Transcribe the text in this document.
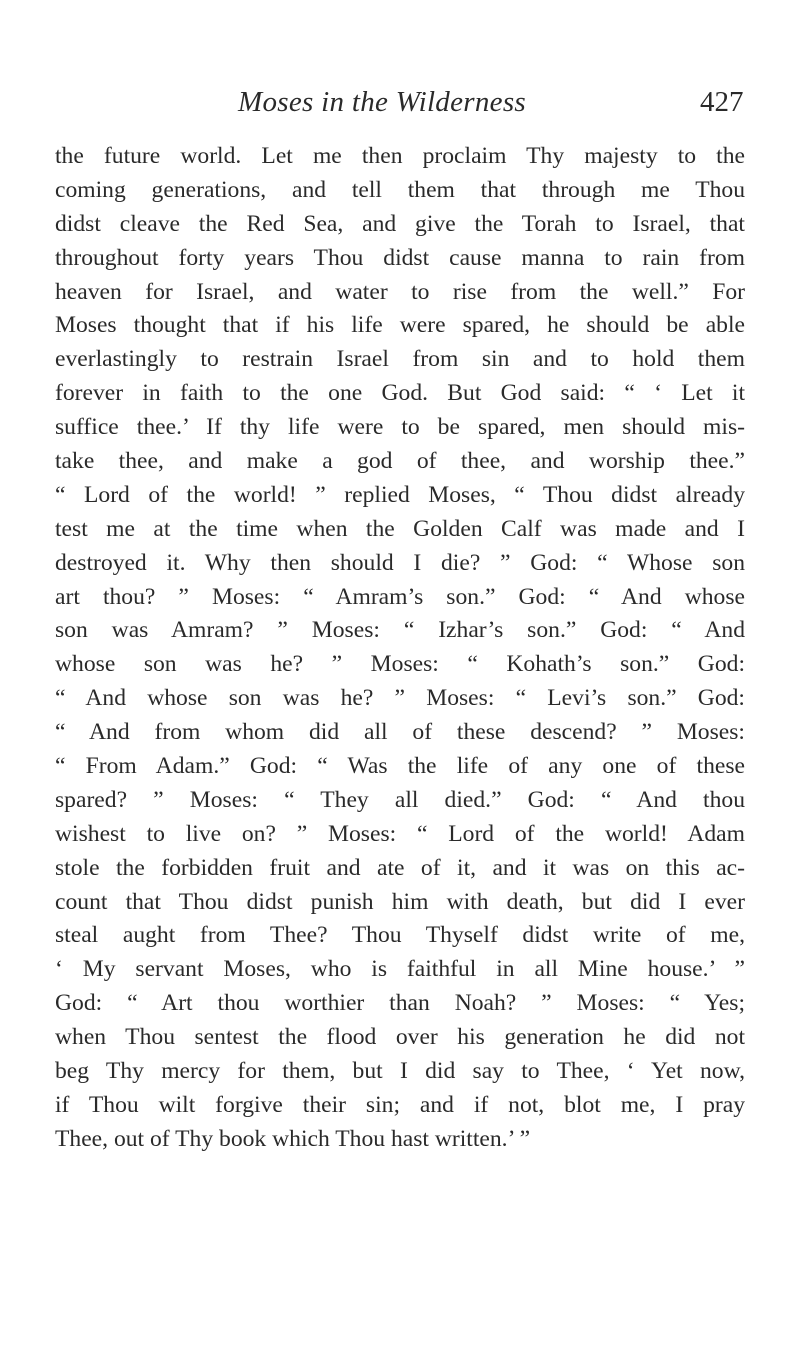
Moses in the Wilderness	427
the future world. Let me then proclaim Thy majesty to the
coming generations, and tell them that through me Thou
didst cleave the Red Sea, and give the Torah to Israel, that
throughout forty years Thou didst cause manna to rain from
heaven for Israel, and water to rise from the well.” For
Moses thought that if his life were spared, he should be able
everlastingly to restrain Israel from sin and to hold them
forever in faith to the one God. But God said: “ ‘ Let it
suffice thee.’ If thy life were to be spared, men should mis-
take thee, and make a god of thee, and worship thee.”
“ Lord of the world! ” replied Moses, “ Thou didst already
test me at the time when the Golden Calf was made and I
destroyed it. Why then should I die? ” God: “ Whose son
art thou? ” Moses: “ Amram’s son.” God: “ And whose
son was Amram? ” Moses: “ Izhar’s son.” God: “ And
whose son was he? ” Moses: “ Kohath’s son.” God:
“ And whose son was he? ” Moses: “ Levi’s son.” God:
“ And from whom did all of these descend? ” Moses:
“ From Adam.” God: “ Was the life of any one of these
spared? ” Moses: “ They all died.” God: “ And thou
wishest to live on? ” Moses: “ Lord of the world! Adam
stole the forbidden fruit and ate of it, and it was on this ac-
count that Thou didst punish him with death, but did I ever
steal aught from Thee? Thou Thyself didst write of me,
‘ My servant Moses, who is faithful in all Mine house.’ ”
God: “ Art thou worthier than Noah? ” Moses: “ Yes;
when Thou sentest the flood over his generation he did not
beg Thy mercy for them, but I did say to Thee, ‘ Yet now,
if Thou wilt forgive their sin; and if not, blot me, I pray
Thee, out of Thy book which Thou hast written.’ ”
